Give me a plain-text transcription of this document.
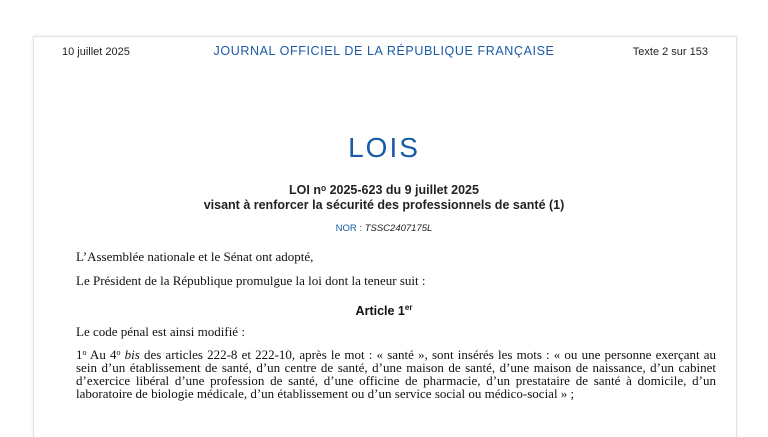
10 juillet 2025	JOURNAL OFFICIEL DE LA RÉPUBLIQUE FRANÇAISE	Texte 2 sur 153
LOIS
LOI nᵒ 2025-623 du 9 juillet 2025
visant à renforcer la sécurité des professionnels de santé (1)
NOR : TSSC2407175L
L’Assemblée nationale et le Sénat ont adopté,
Le Président de la République promulgue la loi dont la teneur suit :
Article 1er
Le code pénal est ainsi modifié :
1$^o$ Au 4$^o$ bis des articles 222-8 et 222-10, après le mot : « santé », sont insérés les mots : « ou une personne exerçant au sein d’un établissement de santé, d’un centre de santé, d’une maison de santé, d’une maison de naissance, d’un cabinet d’exercice libéral d’une profession de santé, d’une officine de pharmacie, d’un prestataire de santé à domicile, d’un laboratoire de biologie médicale, d’un établissement ou d’un service social ou médico-social » ;
